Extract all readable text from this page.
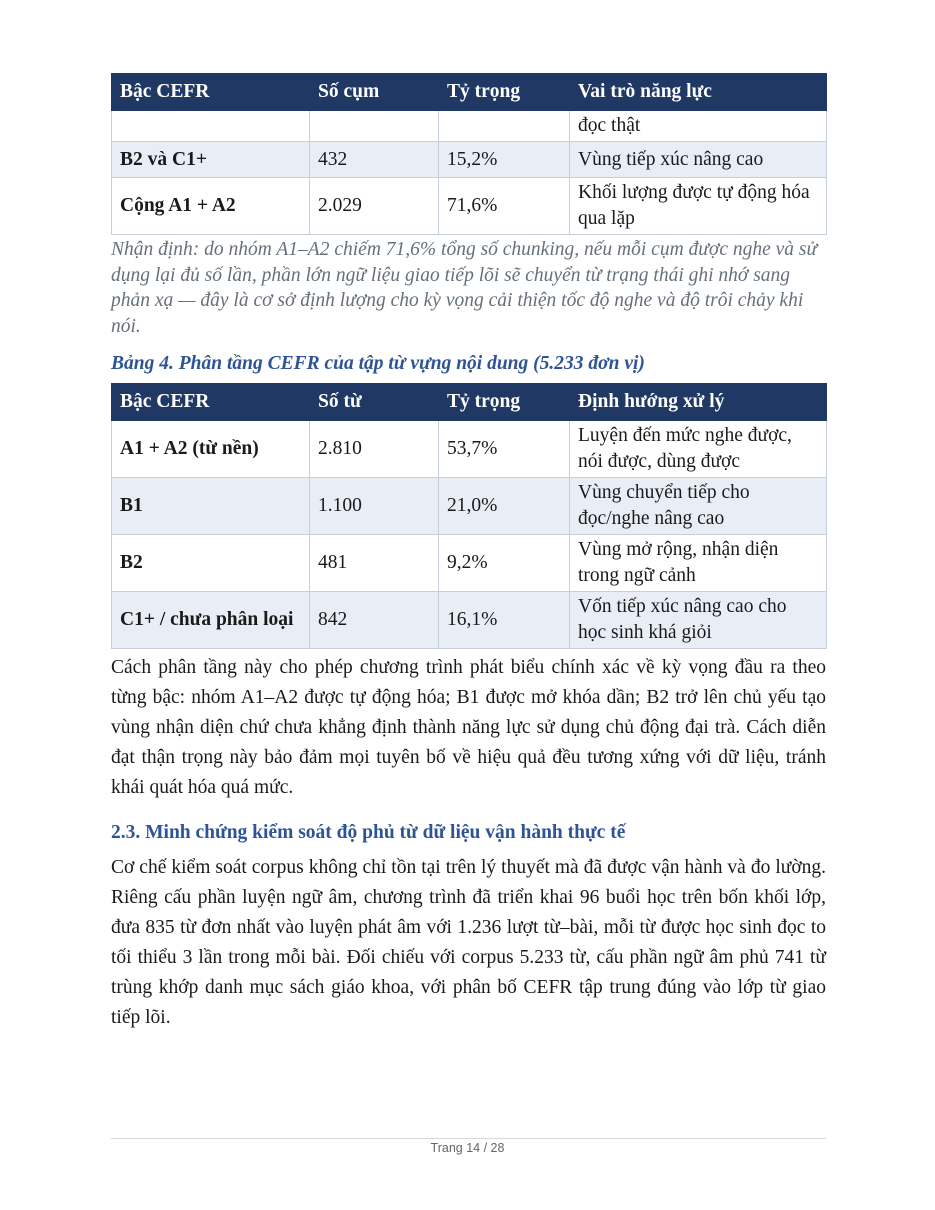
Bậc CEFR	Số cụm	Tỷ trọng	Vai trò năng lực
			đọc thật
B2 và C1+	432	15,2%	Vùng tiếp xúc nâng cao
Cộng A1 + A2	2.029	71,6%	Khối lượng được tự động hóa qua lặp

Nhận định: do nhóm A1–A2 chiếm 71,6% tổng số chunking, nếu mỗi cụm được nghe và sử dụng lại đủ số lần, phần lớn ngữ liệu giao tiếp lõi sẽ chuyển từ trạng thái ghi nhớ sang phản xạ — đây là cơ sở định lượng cho kỳ vọng cải thiện tốc độ nghe và độ trôi chảy khi nói.

Bảng 4. Phân tầng CEFR của tập từ vựng nội dung (5.233 đơn vị)
Bậc CEFR	Số từ	Tỷ trọng	Định hướng xử lý
A1 + A2 (từ nền)	2.810	53,7%	Luyện đến mức nghe được, nói được, dùng được
B1	1.100	21,0%	Vùng chuyển tiếp cho đọc/nghe nâng cao
B2	481	9,2%	Vùng mở rộng, nhận diện trong ngữ cảnh
C1+ / chưa phân loại	842	16,1%	Vốn tiếp xúc nâng cao cho học sinh khá giỏi

Cách phân tầng này cho phép chương trình phát biểu chính xác về kỳ vọng đầu ra theo từng bậc: nhóm A1–A2 được tự động hóa; B1 được mở khóa dần; B2 trở lên chủ yếu tạo vùng nhận diện chứ chưa khẳng định thành năng lực sử dụng chủ động đại trà. Cách diễn đạt thận trọng này bảo đảm mọi tuyên bố về hiệu quả đều tương xứng với dữ liệu, tránh khái quát hóa quá mức.

2.3. Minh chứng kiểm soát độ phủ từ dữ liệu vận hành thực tế

Cơ chế kiểm soát corpus không chỉ tồn tại trên lý thuyết mà đã được vận hành và đo lường. Riêng cấu phần luyện ngữ âm, chương trình đã triển khai 96 buổi học trên bốn khối lớp, đưa 835 từ đơn nhất vào luyện phát âm với 1.236 lượt từ–bài, mỗi từ được học sinh đọc to tối thiểu 3 lần trong mỗi bài. Đối chiếu với corpus 5.233 từ, cấu phần ngữ âm phủ 741 từ trùng khớp danh mục sách giáo khoa, với phân bố CEFR tập trung đúng vào lớp từ giao tiếp lõi.

Trang 14 / 28
